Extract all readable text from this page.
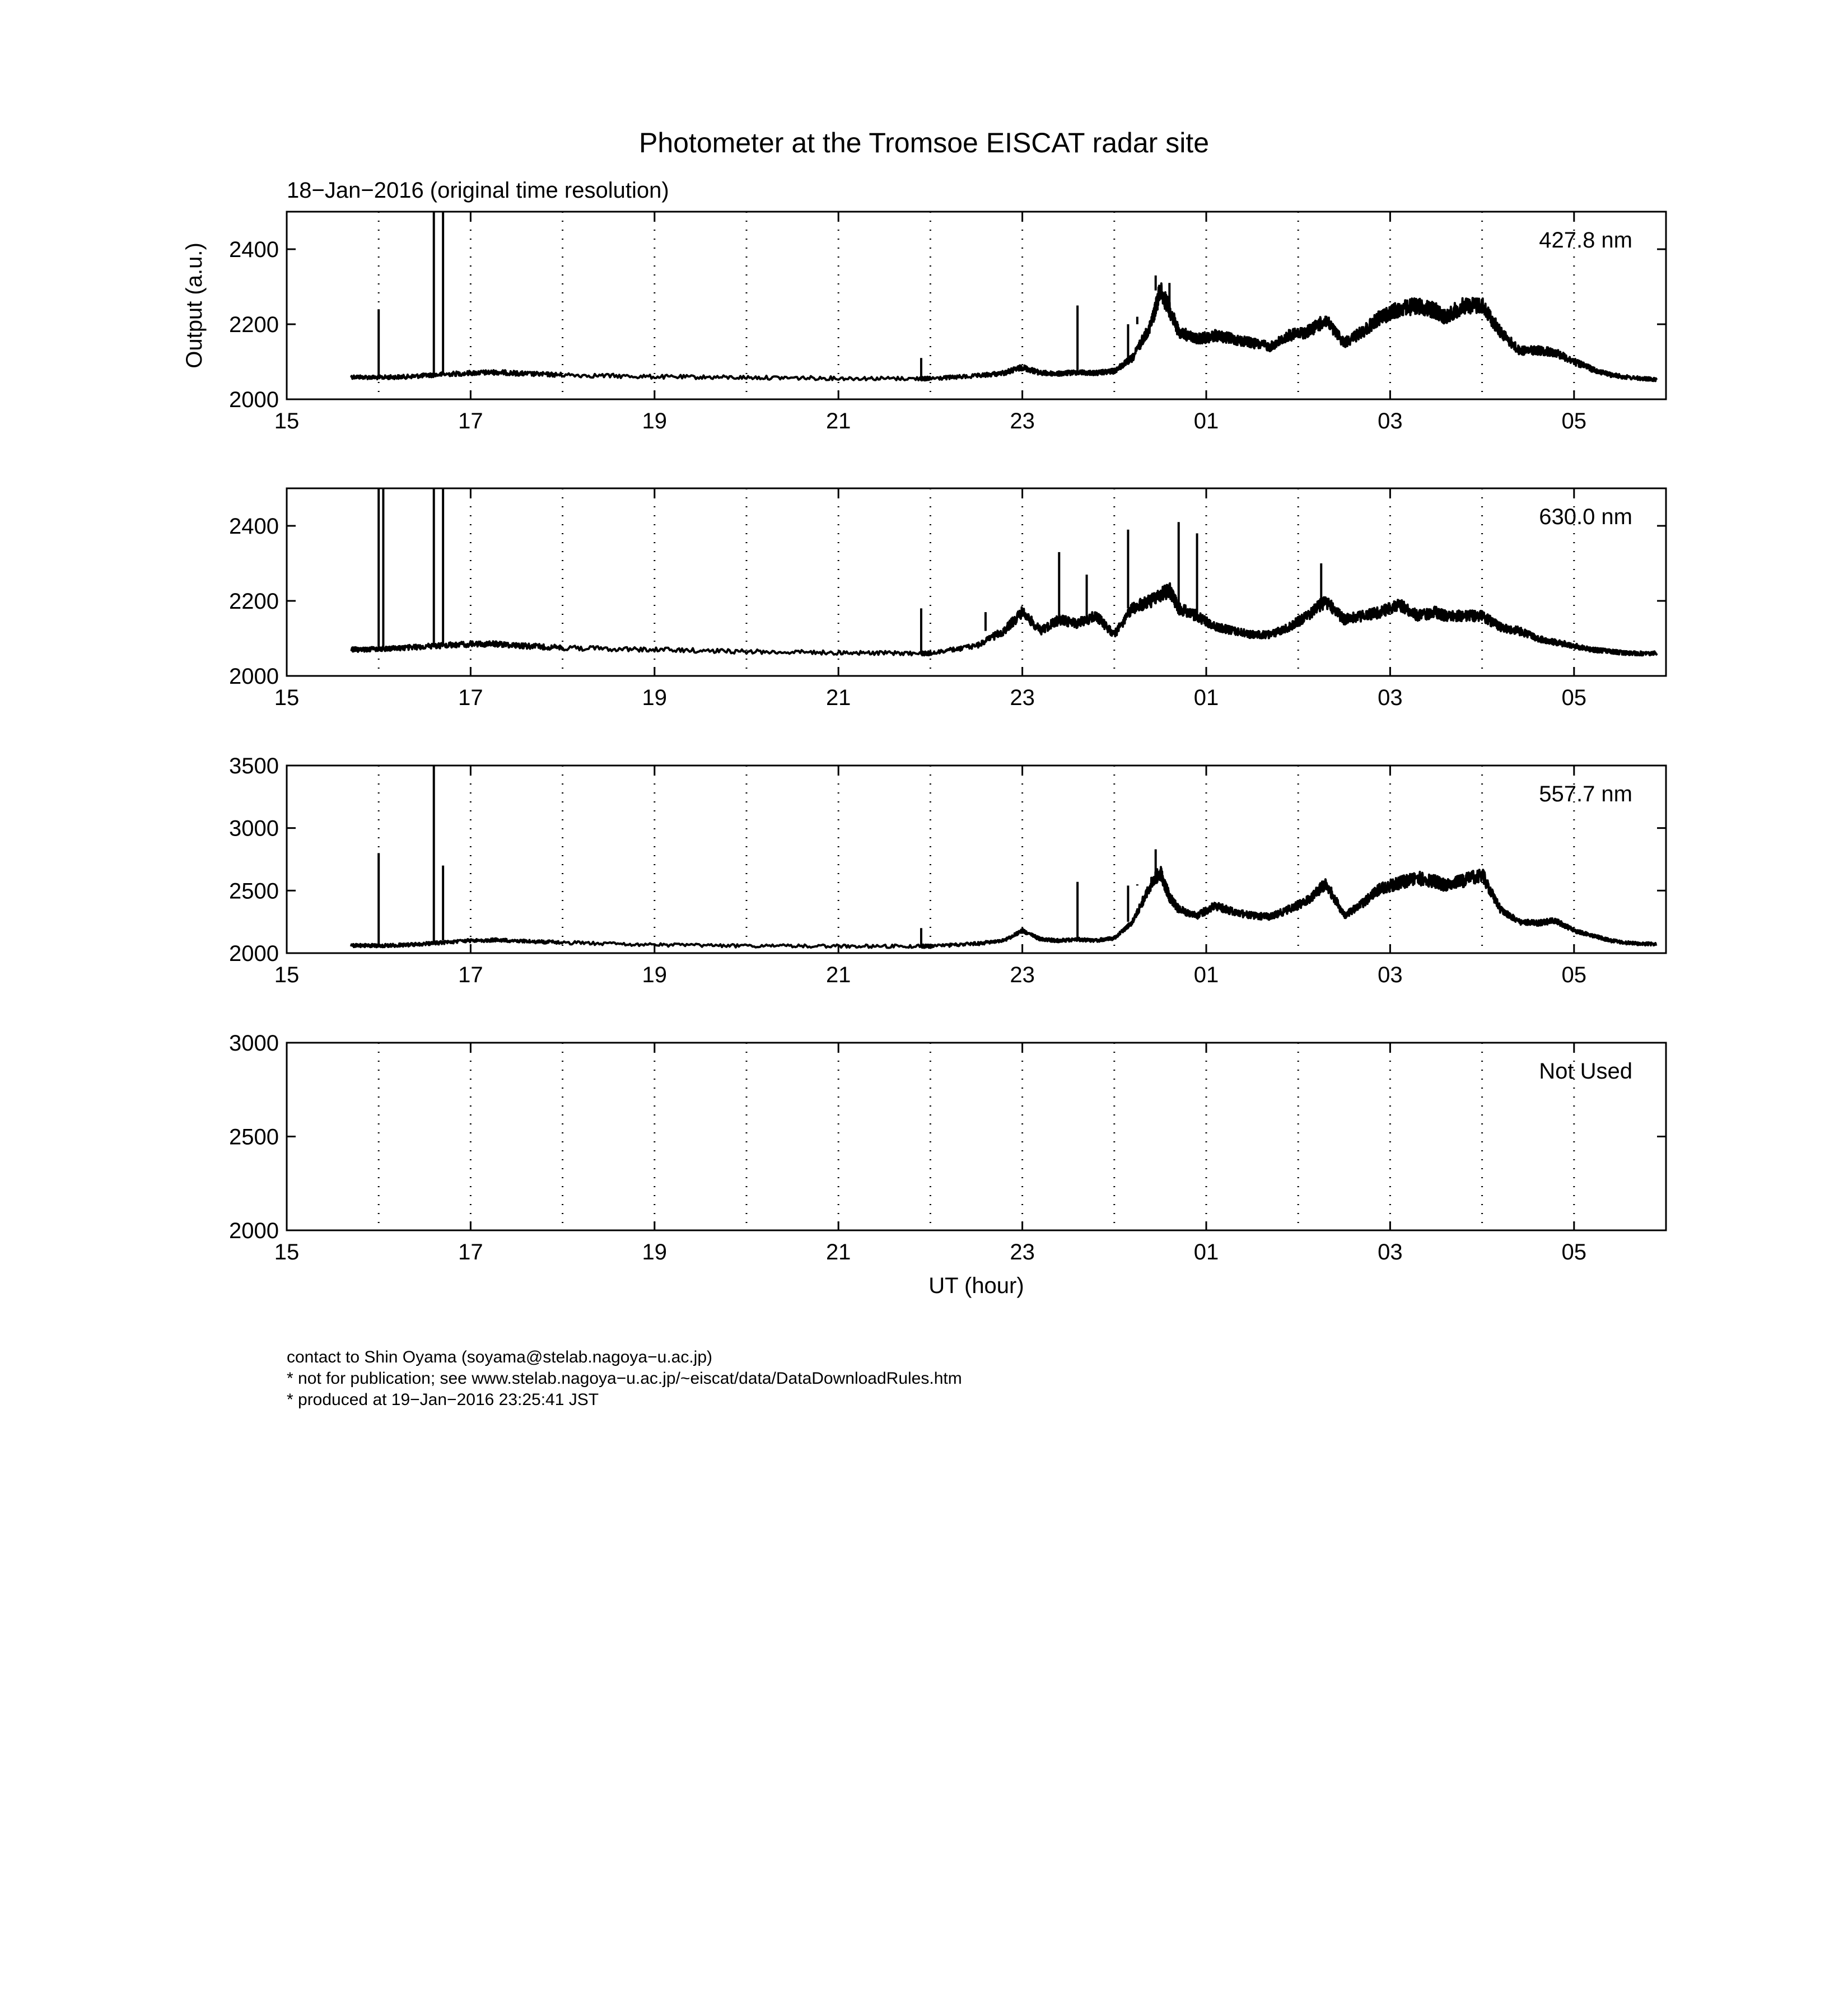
Photometer at the Tromsoe EISCAT radar site
18−Jan−2016 (original time resolution)
15	17	19	21	23	01	03	05
2000
2200
2400	427.8 nm
Output (a.u.)
15	17	19	21	23	01	03	05
2000
2200
2400	630.0 nm
15	17	19	21	23	01	03	05
2000
2500
3000
3500
557.7 nm
15	17	19	21	23	01	03	05
2000
2500
3000
Not Used
UT (hour)
contact to Shin Oyama (soyama@stelab.nagoya−u.ac.jp)
* not for publication; see www.stelab.nagoya−u.ac.jp/~eiscat/data/DataDownloadRules.htm
* produced at 19−Jan−2016 23:25:41 JST
